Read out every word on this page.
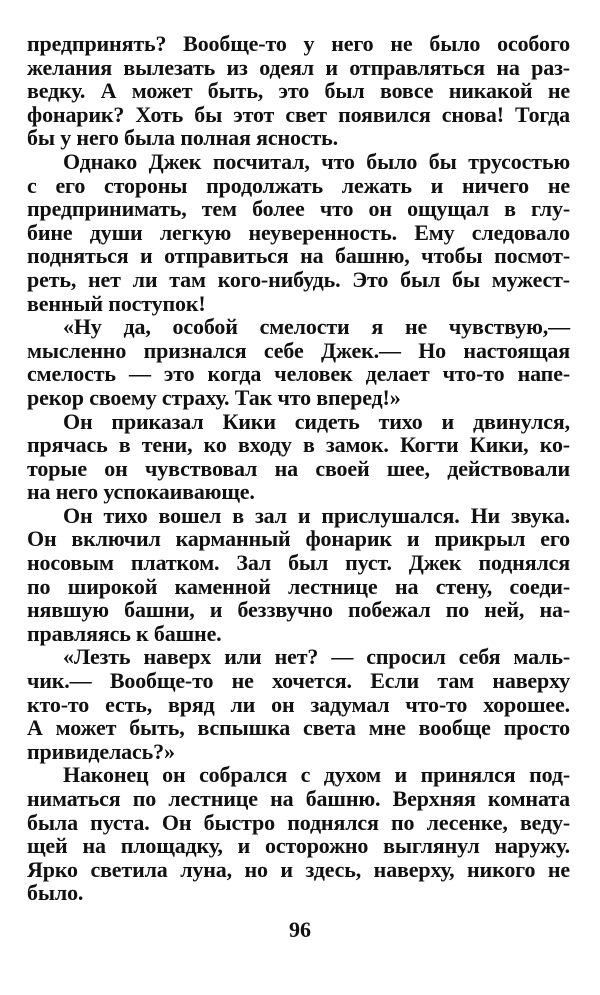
предпринять? Вообще-то у него не было особого
желания вылезать из одеял и отправляться на раз-
ведку. А может быть, это был вовсе никакой не
фонарик? Хоть бы этот свет появился снова! Тогда
бы у него была полная ясность.
Однако Джек посчитал, что было бы трусостью
с его стороны продолжать лежать и ничего не
предпринимать, тем более что он ощущал в глу-
бине души легкую неуверенность. Ему следовало
подняться и отправиться на башню, чтобы посмот-
реть, нет ли там кого-нибудь. Это был бы мужест-
венный поступок!
«Ну да, особой смелости я не чувствую,—
мысленно признался себе Джек.— Но настоящая
смелость — это когда человек делает что-то напе-
рекор своему страху. Так что вперед!»
Он приказал Кики сидеть тихо и двинулся,
прячась в тени, ко входу в замок. Когти Кики, ко-
торые он чувствовал на своей шее, действовали
на него успокаивающе.
Он тихо вошел в зал и прислушался. Ни звука.
Он включил карманный фонарик и прикрыл его
носовым платком. Зал был пуст. Джек поднялся
по широкой каменной лестнице на стену, соеди-
нявшую башни, и беззвучно побежал по ней, на-
правляясь к башне.
«Лезть наверх или нет? — спросил себя маль-
чик.— Вообще-то не хочется. Если там наверху
кто-то есть, вряд ли он задумал что-то хорошее.
А может быть, вспышка света мне вообще просто
привиделась?»
Наконец он собрался с духом и принялся под-
ниматься по лестнице на башню. Верхняя комната
была пуста. Он быстро поднялся по лесенке, веду-
щей на площадку, и осторожно выглянул наружу.
Ярко светила луна, но и здесь, наверху, никого не
было.
96
